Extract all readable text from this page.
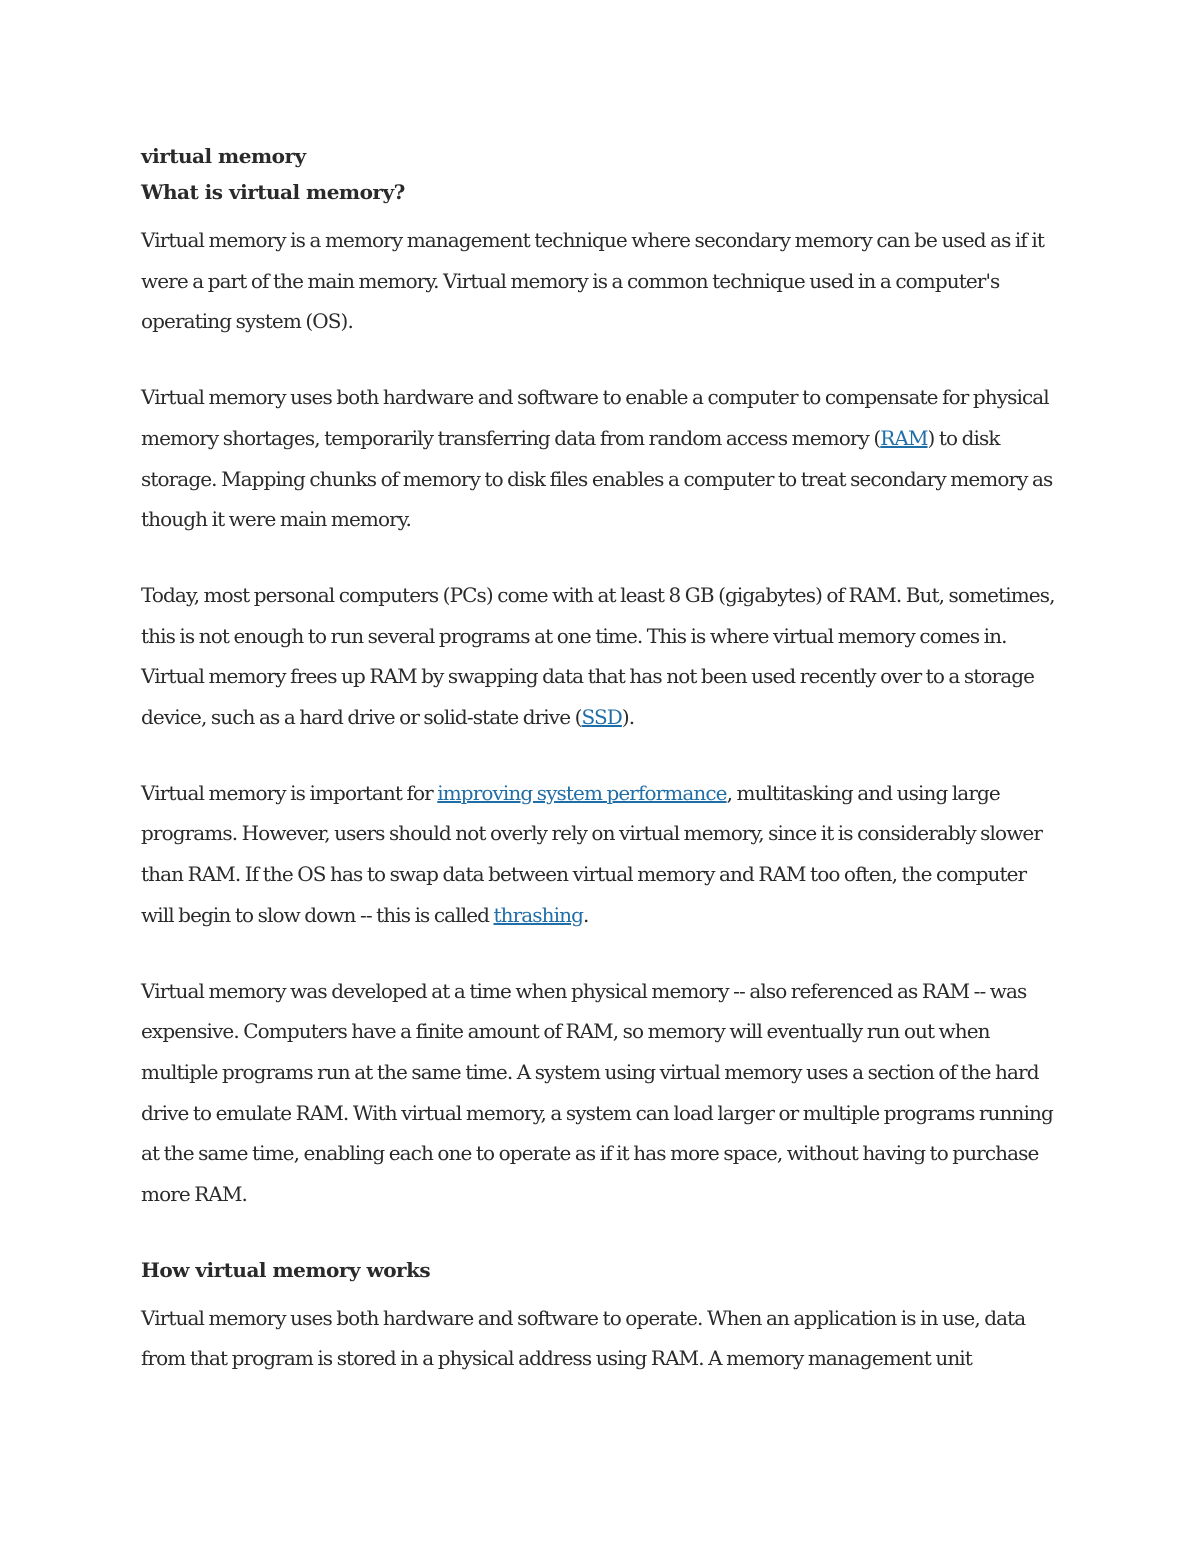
virtual memory

What is virtual memory?

Virtual memory is a memory management technique where secondary memory can be used as if it were a part of the main memory. Virtual memory is a common technique used in a computer's operating system (OS).

Virtual memory uses both hardware and software to enable a computer to compensate for physical memory shortages, temporarily transferring data from random access memory (RAM) to disk storage. Mapping chunks of memory to disk files enables a computer to treat secondary memory as though it were main memory.

Today, most personal computers (PCs) come with at least 8 GB (gigabytes) of RAM. But, sometimes, this is not enough to run several programs at one time. This is where virtual memory comes in. Virtual memory frees up RAM by swapping data that has not been used recently over to a storage device, such as a hard drive or solid-state drive (SSD).

Virtual memory is important for improving system performance, multitasking and using large programs. However, users should not overly rely on virtual memory, since it is considerably slower than RAM. If the OS has to swap data between virtual memory and RAM too often, the computer will begin to slow down -- this is called thrashing.

Virtual memory was developed at a time when physical memory -- also referenced as RAM -- was expensive. Computers have a finite amount of RAM, so memory will eventually run out when multiple programs run at the same time. A system using virtual memory uses a section of the hard drive to emulate RAM. With virtual memory, a system can load larger or multiple programs running at the same time, enabling each one to operate as if it has more space, without having to purchase more RAM.

How virtual memory works

Virtual memory uses both hardware and software to operate. When an application is in use, data from that program is stored in a physical address using RAM. A memory management unit
